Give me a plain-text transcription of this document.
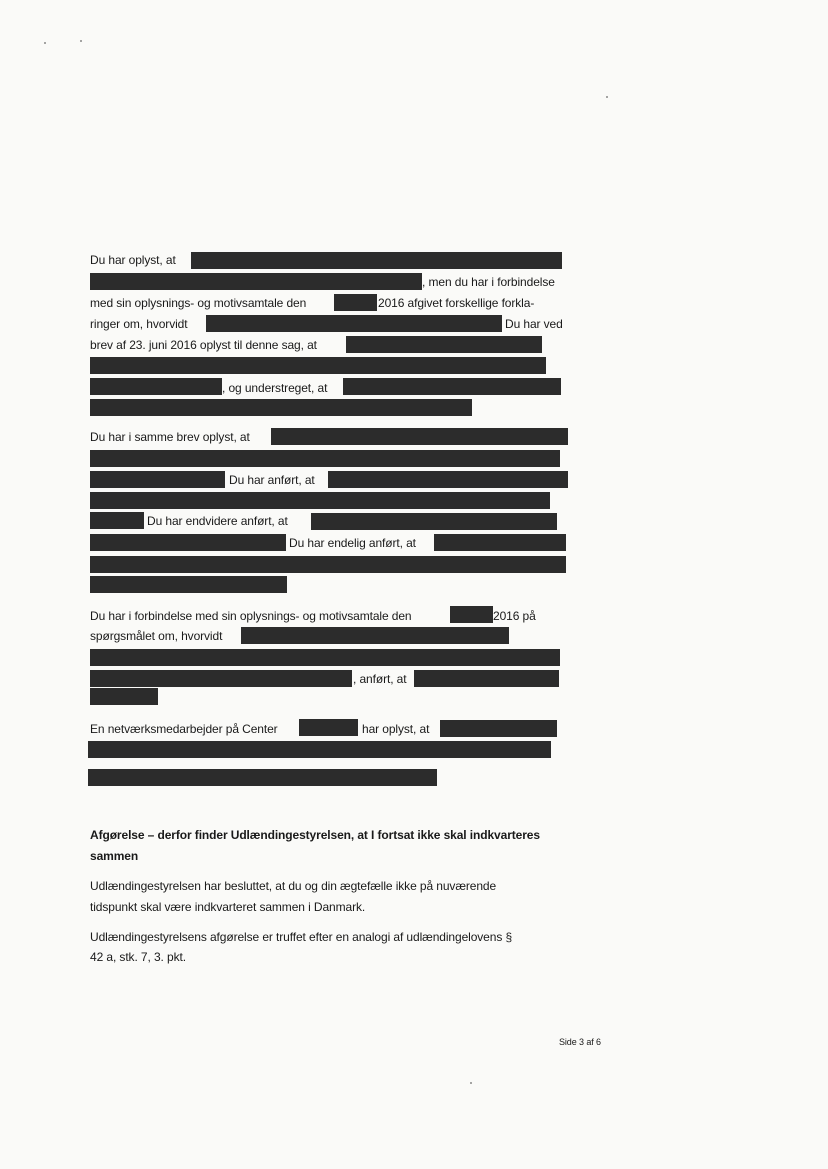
Du har oplyst, at
, men du har i forbindelse
med sin oplysnings- og motivsamtale den	2016 afgivet forskellige forkla-
ringer om, hvorvidt	Du har ved
brev af 23. juni 2016 oplyst til denne sag, at
, og understreget, at
Du har i samme brev oplyst, at
Du har anført, at
Du har endvidere anført, at
Du har endelig anført, at
Du har i forbindelse med sin oplysnings- og motivsamtale den	2016 på
spørgsmålet om, hvorvidt
, anført, at
En netværksmedarbejder på Center	har oplyst, at
Afgørelse – derfor finder Udlændingestyrelsen, at I fortsat ikke skal indkvarteres
sammen
Udlændingestyrelsen har besluttet, at du og din ægtefælle ikke på nuværende
tidspunkt skal være indkvarteret sammen i Danmark.
Udlændingestyrelsens afgørelse er truffet efter en analogi af udlændingelovens §
42 a, stk. 7, 3. pkt.
Side 3 af 6
